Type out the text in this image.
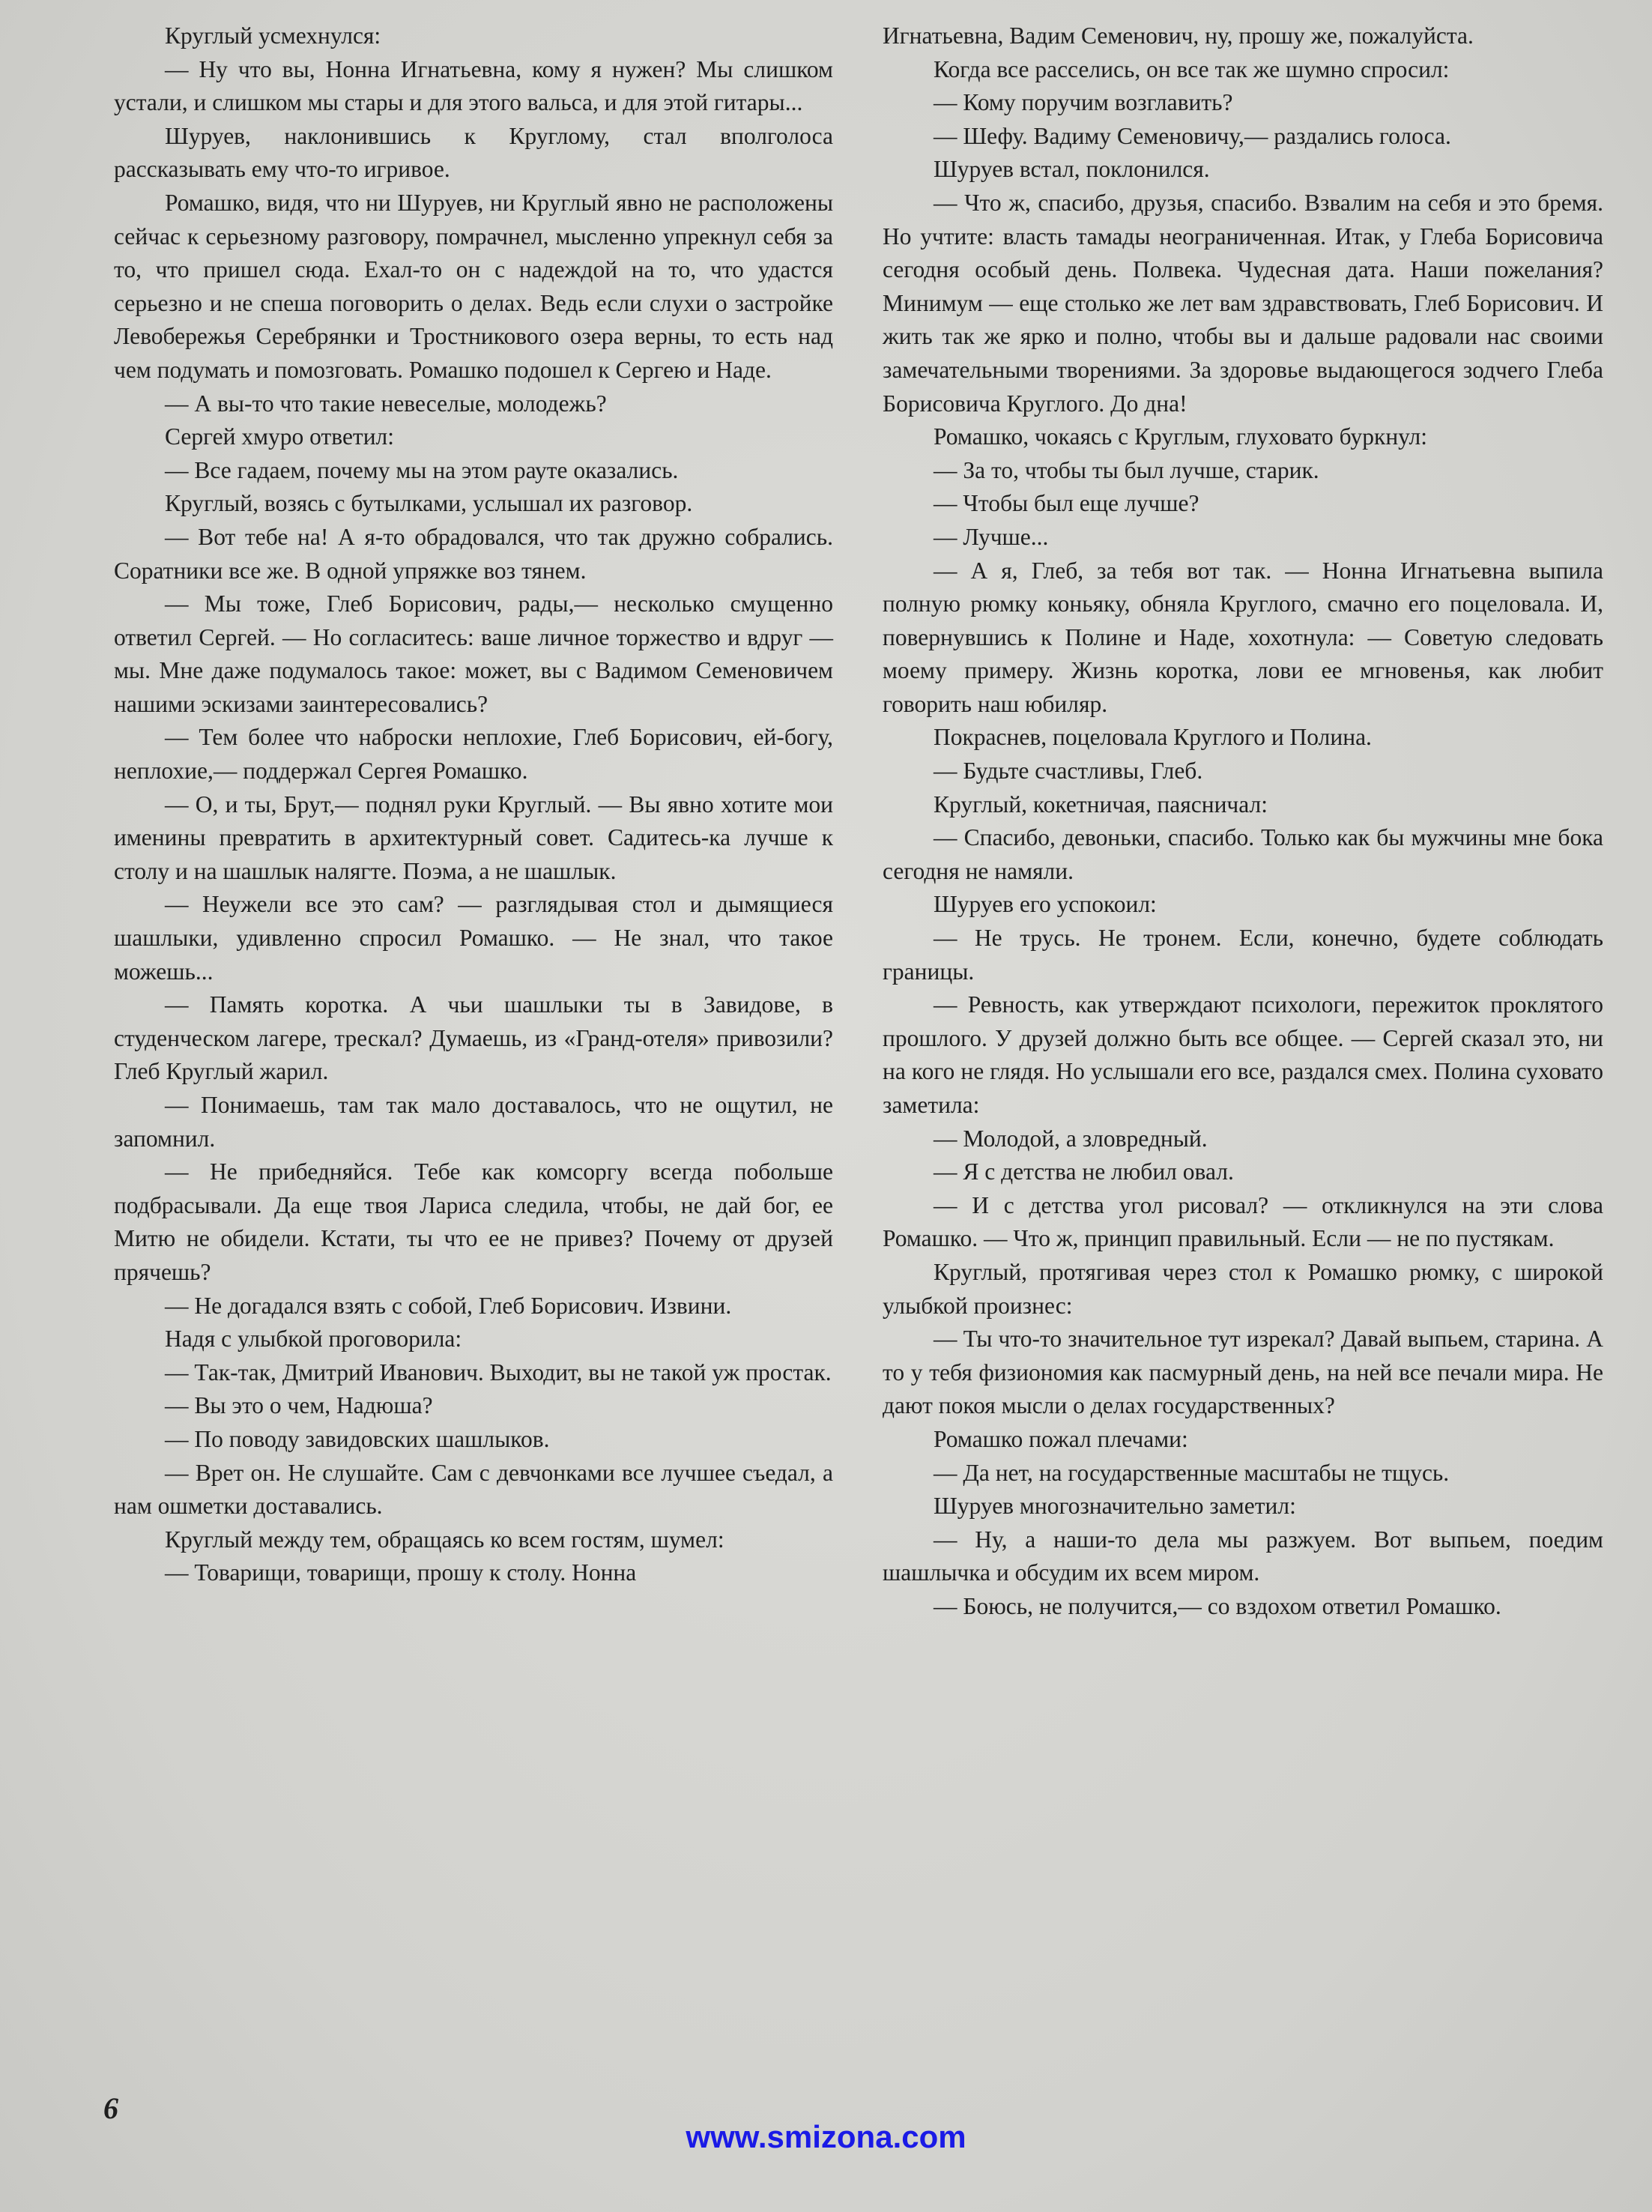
Круглый усмехнулся:

— Ну что вы, Нонна Игнатьевна, кому я нужен? Мы слишком устали, и слишком мы стары и для этого вальса, и для этой гитары...

Шуруев, наклонившись к Круглому, стал вполголоса рассказывать ему что-то игривое.

Ромашко, видя, что ни Шуруев, ни Круглый явно не расположены сейчас к серьезному разговору, помрачнел, мысленно упрекнул себя за то, что пришел сюда. Ехал-то он с надеждой на то, что удастся серьезно и не спеша поговорить о делах. Ведь если слухи о застройке Левобережья Серебрянки и Тростникового озера верны, то есть над чем подумать и помозговать. Ромашко подошел к Сергею и Наде.

— А вы-то что такие невеселые, молодежь?

Сергей хмуро ответил:

— Все гадаем, почему мы на этом рауте оказались.

Круглый, возясь с бутылками, услышал их разговор.

— Вот тебе на! А я-то обрадовался, что так дружно собрались. Соратники все же. В одной упряжке воз тянем.

— Мы тоже, Глеб Борисович, рады,— несколько смущенно ответил Сергей. — Но согласитесь: ваше личное торжество и вдруг — мы. Мне даже подумалось такое: может, вы с Вадимом Семеновичем нашими эскизами заинтересовались?

— Тем более что наброски неплохие, Глеб Борисович, ей-богу, неплохие,— поддержал Сергея Ромашко.

— О, и ты, Брут,— поднял руки Круглый. — Вы явно хотите мои именины превратить в архитектурный совет. Садитесь-ка лучше к столу и на шашлык налягте. Поэма, а не шашлык.

— Неужели все это сам? — разглядывая стол и дымящиеся шашлыки, удивленно спросил Ромашко. — Не знал, что такое можешь...

— Память коротка. А чьи шашлыки ты в Завидове, в студенческом лагере, трескал? Думаешь, из «Гранд-отеля» привозили? Глеб Круглый жарил.

— Понимаешь, там так мало доставалось, что не ощутил, не запомнил.

— Не прибедняйся. Тебе как комсоргу всегда побольше подбрасывали. Да еще твоя Лариса следила, чтобы, не дай бог, ее Митю не обидели. Кстати, ты что ее не привез? Почему от друзей прячешь?

— Не догадался взять с собой, Глеб Борисович. Извини.

Надя с улыбкой проговорила:

— Так-так, Дмитрий Иванович. Выходит, вы не такой уж простак.

— Вы это о чем, Надюша?

— По поводу завидовских шашлыков.

— Врет он. Не слушайте. Сам с девчонками все лучшее съедал, а нам ошметки доставались.

Круглый между тем, обращаясь ко всем гостям, шумел:

— Товарищи, товарищи, прошу к столу. Нонна

Игнатьевна, Вадим Семенович, ну, прошу же, пожалуйста.

Когда все расселись, он все так же шумно спросил:

— Кому поручим возглавить?

— Шефу. Вадиму Семеновичу,— раздались голоса.

Шуруев встал, поклонился.

— Что ж, спасибо, друзья, спасибо. Взвалим на себя и это бремя. Но учтите: власть тамады неограниченная. Итак, у Глеба Борисовича сегодня особый день. Полвека. Чудесная дата. Наши пожелания? Минимум — еще столько же лет вам здравствовать, Глеб Борисович. И жить так же ярко и полно, чтобы вы и дальше радовали нас своими замечательными творениями. За здоровье выдающегося зодчего Глеба Борисовича Круглого. До дна!

Ромашко, чокаясь с Круглым, глуховато буркнул:

— За то, чтобы ты был лучше, старик.

— Чтобы был еще лучше?

— Лучше...

— А я, Глеб, за тебя вот так. — Нонна Игнатьевна выпила полную рюмку коньяку, обняла Круглого, смачно его поцеловала. И, повернувшись к Полине и Наде, хохотнула: — Советую следовать моему примеру. Жизнь коротка, лови ее мгновенья, как любит говорить наш юбиляр.

Покраснев, поцеловала Круглого и Полина.

— Будьте счастливы, Глеб.

Круглый, кокетничая, паясничал:

— Спасибо, девоньки, спасибо. Только как бы мужчины мне бока сегодня не намяли.

Шуруев его успокоил:

— Не трусь. Не тронем. Если, конечно, будете соблюдать границы.

— Ревность, как утверждают психологи, пережиток проклятого прошлого. У друзей должно быть все общее. — Сергей сказал это, ни на кого не глядя. Но услышали его все, раздался смех. Полина суховато заметила:

— Молодой, а зловредный.

— Я с детства не любил овал.

— И с детства угол рисовал? — откликнулся на эти слова Ромашко. — Что ж, принцип правильный. Если — не по пустякам.

Круглый, протягивая через стол к Ромашко рюмку, с широкой улыбкой произнес:

— Ты что-то значительное тут изрекал? Давай выпьем, старина. А то у тебя физиономия как пасмурный день, на ней все печали мира. Не дают покоя мысли о делах государственных?

Ромашко пожал плечами:

— Да нет, на государственные масштабы не тщусь.

Шуруев многозначительно заметил:

— Ну, а наши-то дела мы разжуем. Вот выпьем, поедим шашлычка и обсудим их всем миром.

— Боюсь, не получится,— со вздохом ответил Ромашко.

6
www.smizona.com
